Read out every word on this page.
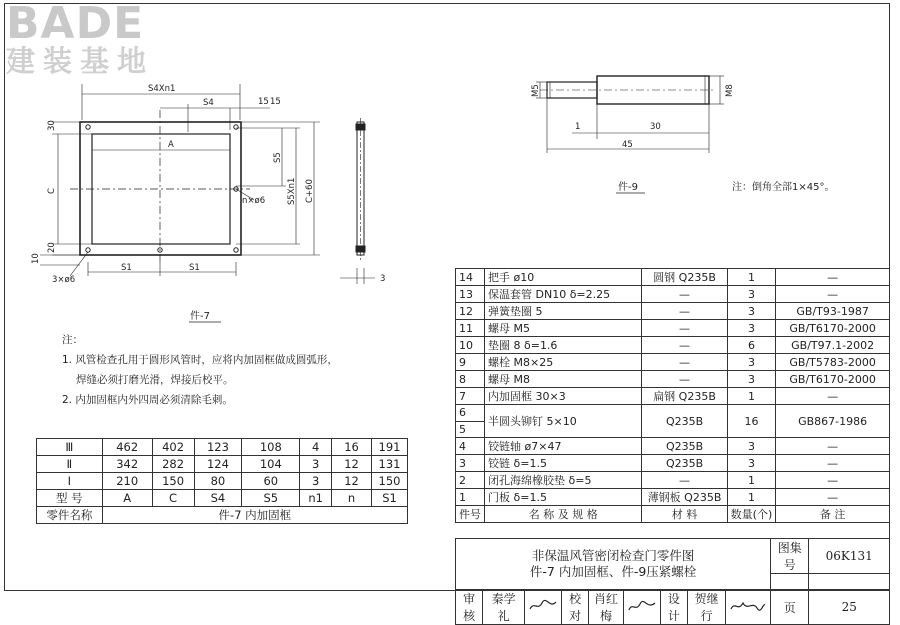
BADE
建装基地
S4Xn1
S4	15 15
A
n×ø6
S1	S1
3×ø6	3
件-7
30
C
20
10
S5
S5Xn1 C+60
M5	M8
1	30
45
件-9	注：倒角全部1×45°。
注：
1. 风管检查孔用于圆形风管时，应将内加固框做成圆弧形，
焊缝必须打磨光滑，焊接后校平。
2. 内加固框内外四周必须清除毛刺。
Ⅲ	462	402	123	108	4	16	191
Ⅱ	342	282	124	104	3	12	131
Ⅰ	210	150	80	60	3	12	150
型 号	A	C	S4	S5	n1	n	S1
零件名称	件-7 内加固框						
14	把手 ø10	圆钢 Q235B	1	—
13	保温套管 DN10 δ=2.25	—	3	—
12	弹簧垫圈 5	—	3	GB/T93-1987
11	螺母 M5	—	3	GB/T6170-2000
10	垫圈 8 δ=1.6	—	6	GB/T97.1-2002
9	螺栓 M8×25	—	3	GB/T5783-2000
8	螺母 M8	—	3	GB/T6170-2000
7	内加固框 30×3	扁钢 Q235B	1	—
6	半圆头铆钉 5×10	Q235B	16	GB867-1986
5				
4	铰链轴 ø7×47	Q235B	3	—
3	铰链 δ=1.5	Q235B	3	—
2	闭孔海绵橡胶垫 δ=5	—	1	—
1	门板 δ=1.5	薄钢板 Q235B	1	—
件号	名 称 及 规 格	材 料	数量(个)	备 注
非保温风管密闭检查门零件图
件-7 内加固框、件-9压紧螺栓									图集号	06K131

审核	秦学礼		校对	肖红梅		设计	贺继行		页	25
